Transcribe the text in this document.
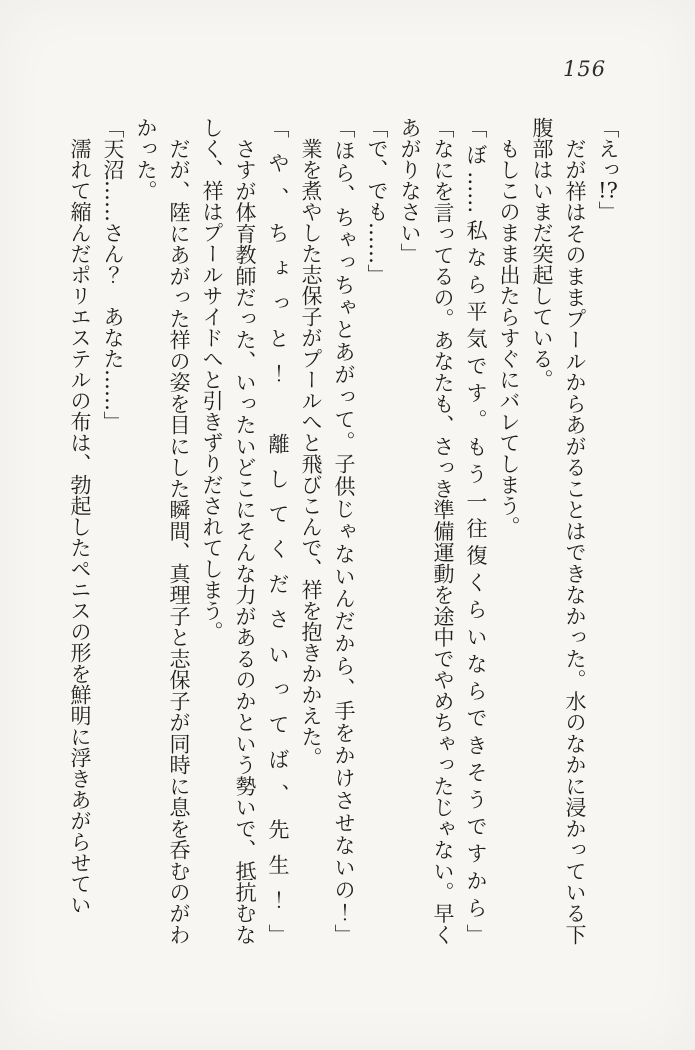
156

「えっ!?」

だが祥はそのままプールからあがることはできなかった。水のなかに浸かっている下腹部はいまだ突起している。

もしこのまま出たらすぐにバレてしまう。

「ぼ……私なら平気です。もう一往復くらいならできそうですから」

「なにを言ってるの。あなたも、さっき準備運動を途中でやめちゃったじゃない。早くあがりなさい」

「で、でも……」

「ほら、ちゃっちゃとあがって。子供じゃないんだから、手をかけさせないの！」

業を煮やした志保子がプールへと飛びこんで、祥を抱きかかえた。

「や、ちょっと！　離してくださいってば、先生！」

さすが体育教師だった、いったいどこにそんな力があるのかという勢いで、抵抗むなしく、祥はプールサイドへと引きずりだされてしまう。

だが、陸にあがった祥の姿を目にした瞬間、真理子と志保子が同時に息を呑むのがわかった。

「天沼……さん？　あなた……」

濡れて縮んだポリエステルの布は、勃起したペニスの形を鮮明に浮きあがらせてい
